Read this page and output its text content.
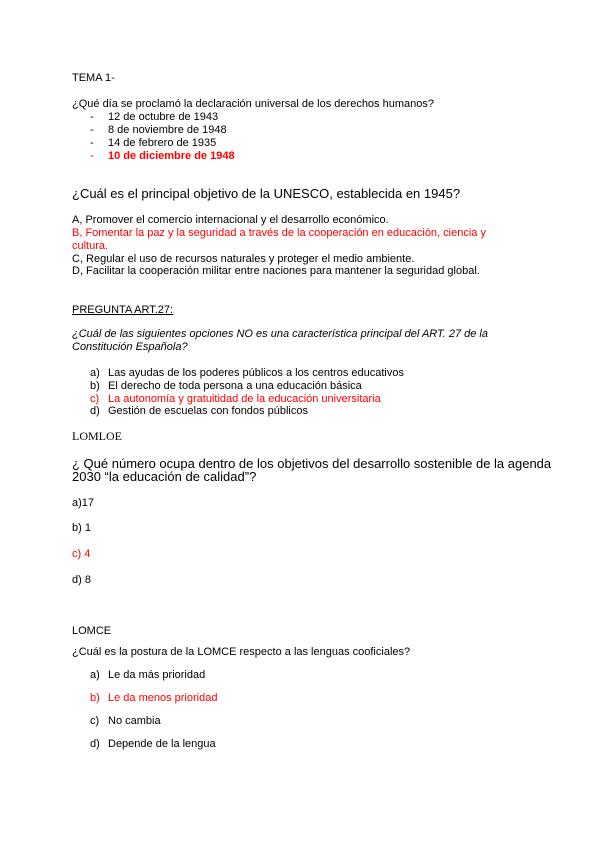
TEMA 1-

¿Qué día se proclamó la declaración universal de los derechos humanos?

- 12 de octubre de 1943
- 8 de noviembre de 1948
- 14 de febrero de 1935
- 10 de diciembre de 1948

¿Cuál es el principal objetivo de la UNESCO, establecida en 1945?

A, Promover el comercio internacional y el desarrollo económico.

B, Fomentar la paz y la seguridad a través de la cooperación en educación, ciencia y

cultura.

C, Regular el uso de recursos naturales y proteger el medio ambiente.

D, Facilitar la cooperación militar entre naciones para mantener la seguridad global.

PREGUNTA ART.27:

¿Cuál de las siguientes opciones NO es una característica principal del ART. 27 de la

Constitución Española?

a) Las ayudas de los poderes públicos a los centros educativos
b) El derecho de toda persona a una educación básica
c) La autonomía y gratuitidad de la educación universitaria
d) Gestión de escuelas con fondos públicos

LOMLOE

¿ Qué número ocupa dentro de los objetivos del desarrollo sostenible de la agenda

2030 “la educación de calidad”?

a)17

b) 1

c) 4

d) 8

LOMCE

¿Cuál es la postura de la LOMCE respecto a las lenguas cooficiales?

a) Le da más prioridad
b) Le da menos prioridad
c) No cambia
d) Depende de la lengua
